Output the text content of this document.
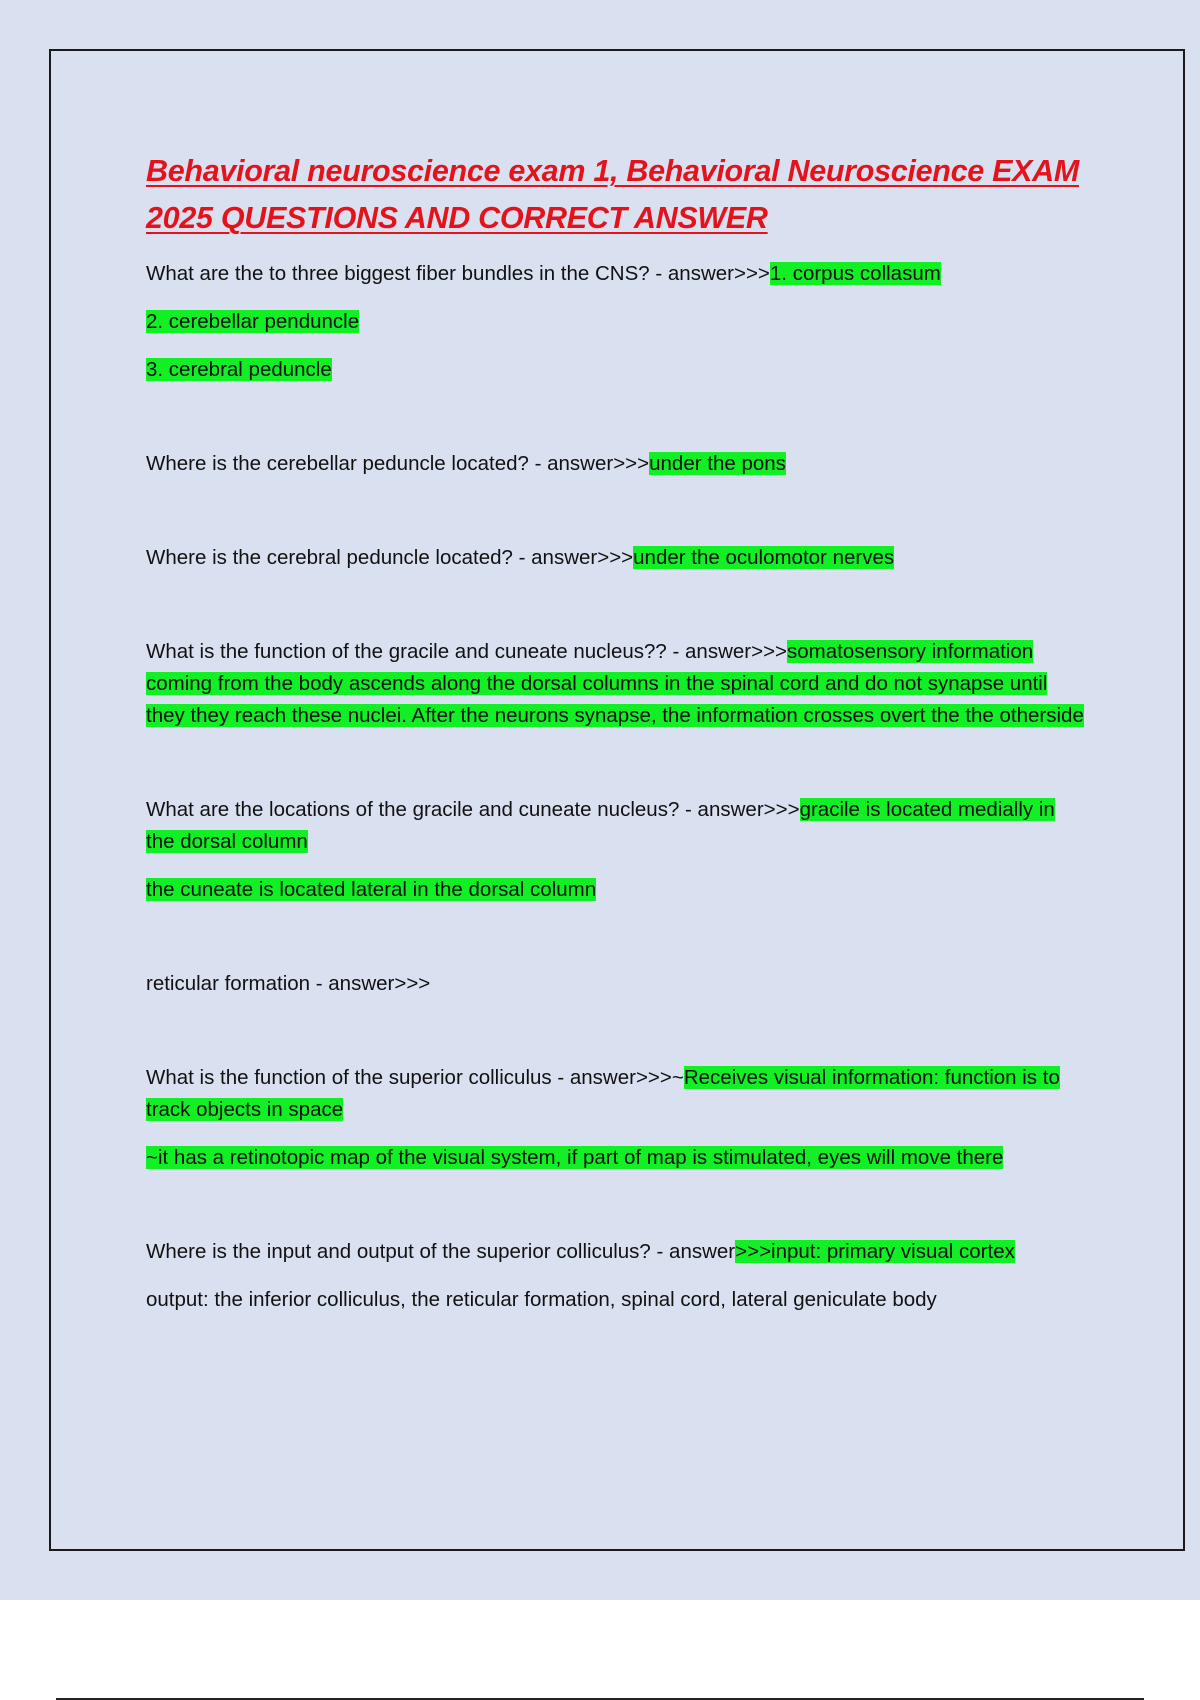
Behavioral neuroscience exam 1, Behavioral Neuroscience EXAM 2025 QUESTIONS AND CORRECT ANSWER

What are the to three biggest fiber bundles in the CNS? - answer>>>1. corpus collasum

2. cerebellar penduncle

3. cerebral peduncle

Where is the cerebellar peduncle located? - answer>>>under the pons

Where is the cerebral peduncle located? - answer>>>under the oculomotor nerves

What is the function of the gracile and cuneate nucleus?? - answer>>>somatosensory information coming from the body ascends along the dorsal columns in the spinal cord and do not synapse until they they reach these nuclei. After the neurons synapse, the information crosses overt the the otherside

What are the locations of the gracile and cuneate nucleus? - answer>>>gracile is located medially in the dorsal column

the cuneate is located lateral in the dorsal column

reticular formation - answer>>>

What is the function of the superior colliculus - answer>>>~Receives visual information: function is to track objects in space

~it has a retinotopic map of the visual system, if part of map is stimulated, eyes will move there

Where is the input and output of the superior colliculus? - answer>>>input: primary visual cortex

output: the inferior colliculus, the reticular formation, spinal cord, lateral geniculate body
